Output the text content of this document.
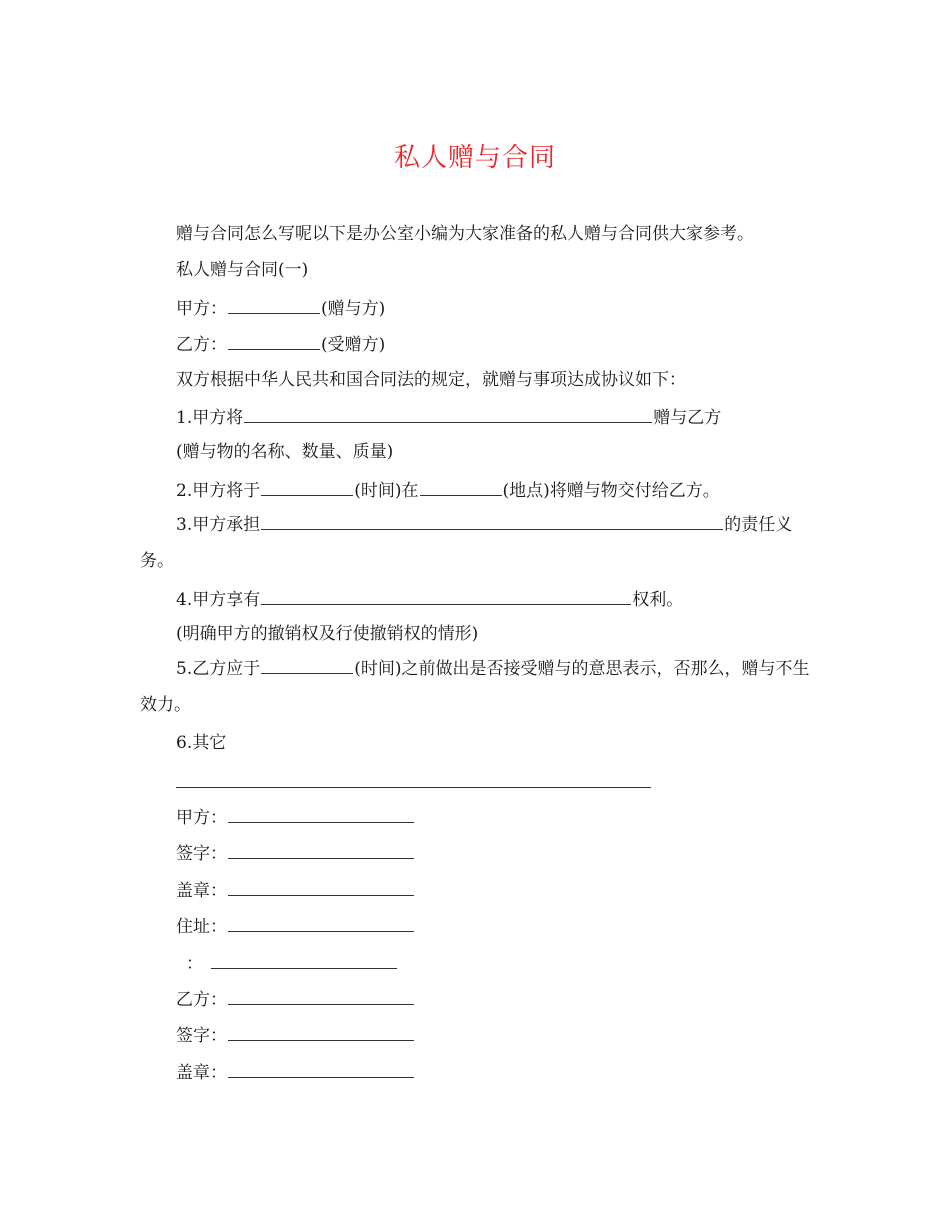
私人赠与合同
赠与合同怎么写呢以下是办公室小编为大家准备的私人赠与合同供大家参考。
私人赠与合同(一)
甲方：	(赠与方)
乙方：	(受赠方)
双方根据中华人民共和国合同法的规定，就赠与事项达成协议如下：
1.甲方将	赠与乙方
(赠与物的名称、数量、质量)
2.甲方将于	(时间)在	(地点)将赠与物交付给乙方。
3.甲方承担	的责任义务。
4.甲方享有	权利。
(明确甲方的撤销权及行使撤销权的情形)
5.乙方应于	(时间)之前做出是否接受赠与的意思表示，否那么，赠与不生效力。
6.其它
甲方：
签字：
盖章：
住址：
：
乙方：
签字：
盖章：
